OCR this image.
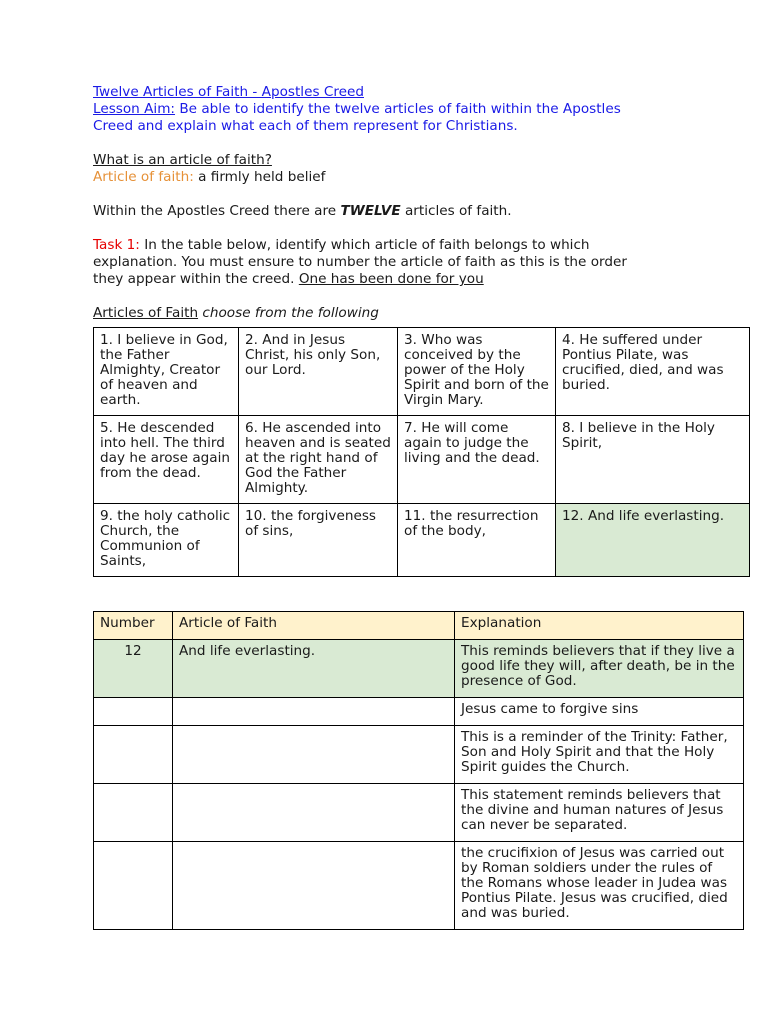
Twelve Articles of Faith - Apostles Creed
Lesson Aim: Be able to identify the twelve articles of faith within the Apostles
Creed and explain what each of them represent for Christians.
What is an article of faith?
Article of faith: a firmly held belief
Within the Apostles Creed there are TWELVE articles of faith.
Task 1: In the table below, identify which article of faith belongs to which
explanation. You must ensure to number the article of faith as this is the order
they appear within the creed. One has been done for you
Articles of Faith choose from the following
1. I believe in God, the Father Almighty, Creator of heaven and earth.	2. And in Jesus Christ, his only Son, our Lord.	3. Who was conceived by the power of the Holy Spirit and born of the Virgin Mary.	4. He suffered under Pontius Pilate, was crucified, died, and was buried.
5. He descended into hell. The third day he arose again from the dead.	6. He ascended into heaven and is seated at the right hand of God the Father Almighty.	7. He will come again to judge the living and the dead.	8. I believe in the Holy Spirit,
9. the holy catholic Church, the Communion of Saints,	10. the forgiveness of sins,	11. the resurrection of the body,	12. And life everlasting.
Number	Article of Faith	Explanation
12	And life everlasting.	This reminds believers that if they live a good life they will, after death, be in the presence of God.
		Jesus came to forgive sins
		This is a reminder of the Trinity: Father, Son and Holy Spirit and that the Holy Spirit guides the Church.
		This statement reminds believers that the divine and human natures of Jesus can never be separated.
		the crucifixion of Jesus was carried out by Roman soldiers under the rules of the Romans whose leader in Judea was Pontius Pilate. Jesus was crucified, died and was buried.
